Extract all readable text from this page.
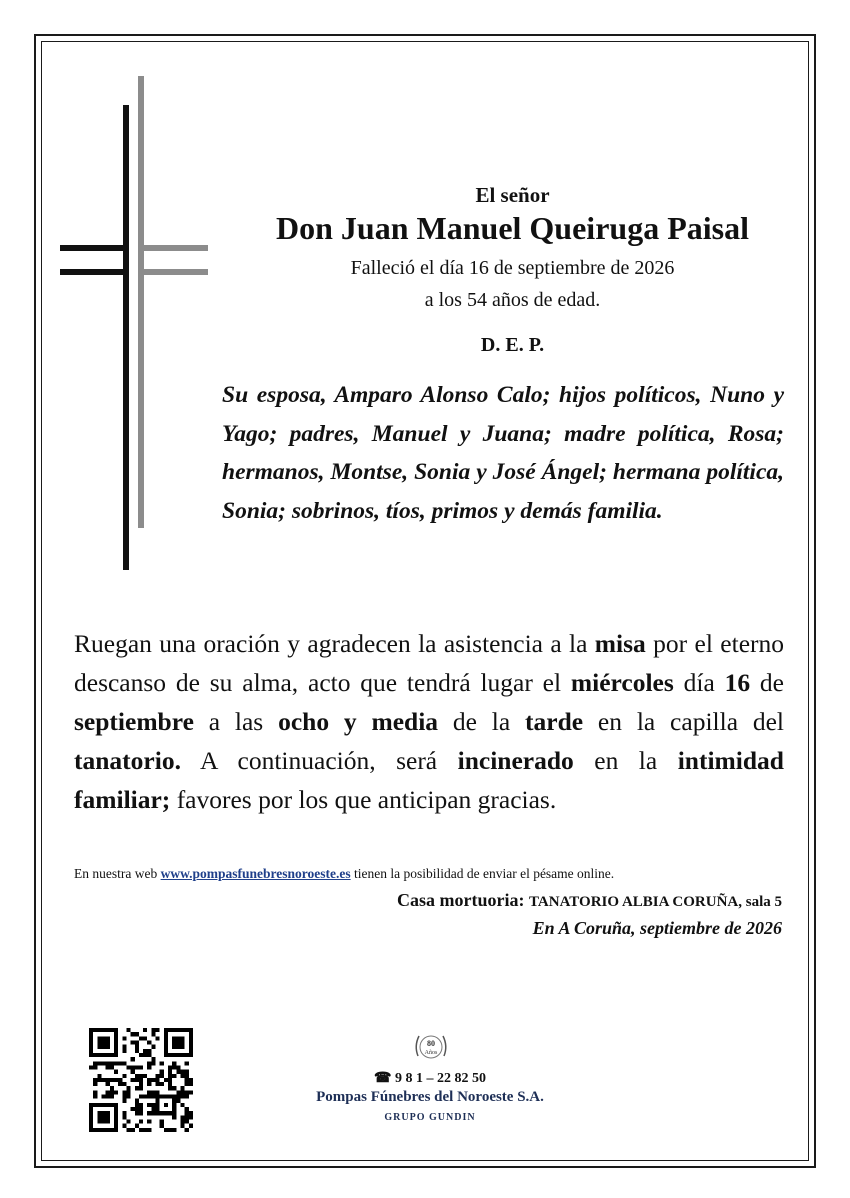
El señor
Don Juan Manuel Queiruga Paisal
Falleció el día 16 de septiembre de 2026
a los 54 años de edad.
D. E. P.
Su esposa, Amparo Alonso Calo; hijos políticos, Nuno y Yago; padres, Manuel y Juana; madre política, Rosa; hermanos, Montse, Sonia y José Ángel; hermana política, Sonia; sobrinos, tíos, primos y demás familia.
Ruegan una oración y agradecen la asistencia a la misa por el eterno descanso de su alma, acto que tendrá lugar el miércoles día 16 de septiembre a las ocho y media de la tarde en la capilla del tanatorio. A continuación, será incinerado en la intimidad familiar; favores por los que anticipan gracias.
En nuestra web www.pompasfunebresnoroeste.es tienen la posibilidad de enviar el pésame online.
Casa mortuoria: TANATORIO ALBIA CORUÑA, sala 5
En A Coruña, septiembre de 2026
80
Años
☎ 9 8 1 – 22 82 50
Pompas Fúnebres del Noroeste S.A.
GRUPO GUNDIN
